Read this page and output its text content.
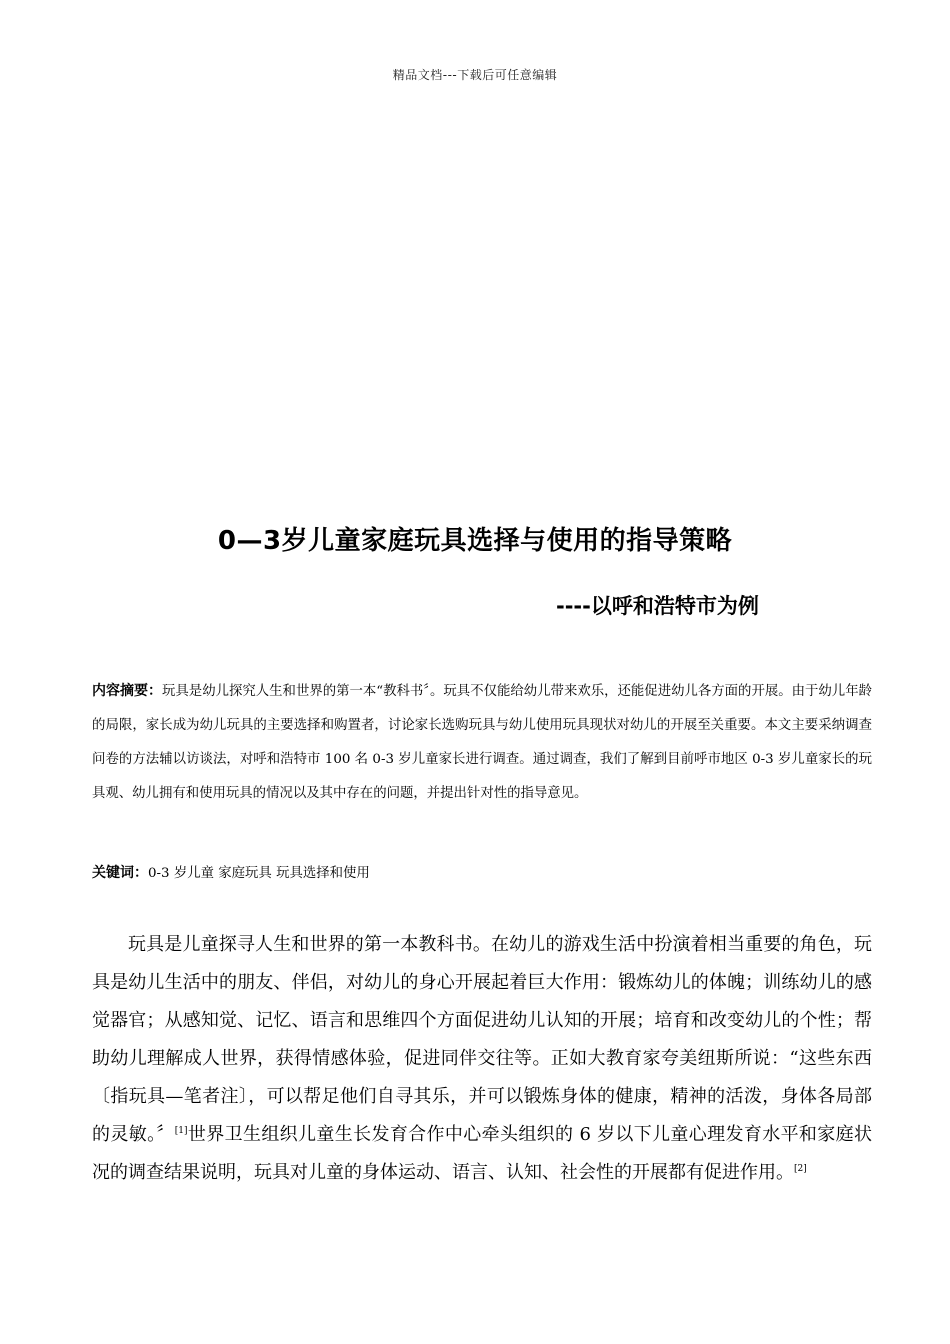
精品文档---下载后可任意编辑
0—3岁儿童家庭玩具选择与使用的指导策略
----以呼和浩特市为例
内容摘要：玩具是幼儿探究人生和世界的第一本“教科书〞。玩具不仅能给幼儿带来欢乐，还能促进幼儿各方面的开展。由于幼儿年龄的局限，家长成为幼儿玩具的主要选择和购置者，讨论家长选购玩具与幼儿使用玩具现状对幼儿的开展至关重要。本文主要采纳调查问卷的方法辅以访谈法，对呼和浩特市 100 名 0-3 岁儿童家长进行调查。通过调查，我们了解到目前呼市地区 0-3 岁儿童家长的玩具观、幼儿拥有和使用玩具的情况以及其中存在的问题，并提出针对性的指导意见。
关键词：0-3 岁儿童 家庭玩具 玩具选择和使用
玩具是儿童探寻人生和世界的第一本教科书。在幼儿的游戏生活中扮演着相当重要的角色，玩具是幼儿生活中的朋友、伴侣，对幼儿的身心开展起着巨大作用：锻炼幼儿的体魄；训练幼儿的感觉器官；从感知觉、记忆、语言和思维四个方面促进幼儿认知的开展；培育和改变幼儿的个性；帮助幼儿理解成人世界，获得情感体验，促进同伴交往等。正如大教育家夸美纽斯所说：“这些东西〔指玩具—笔者注〕，可以帮足他们自寻其乐，并可以锻炼身体的健康，精神的活泼，身体各局部的灵敏。〞[1]世界卫生组织儿童生长发育合作中心牵头组织的 6 岁以下儿童心理发育水平和家庭状况的调查结果说明，玩具对儿童的身体运动、语言、认知、社会性的开展都有促进作用。[2]
